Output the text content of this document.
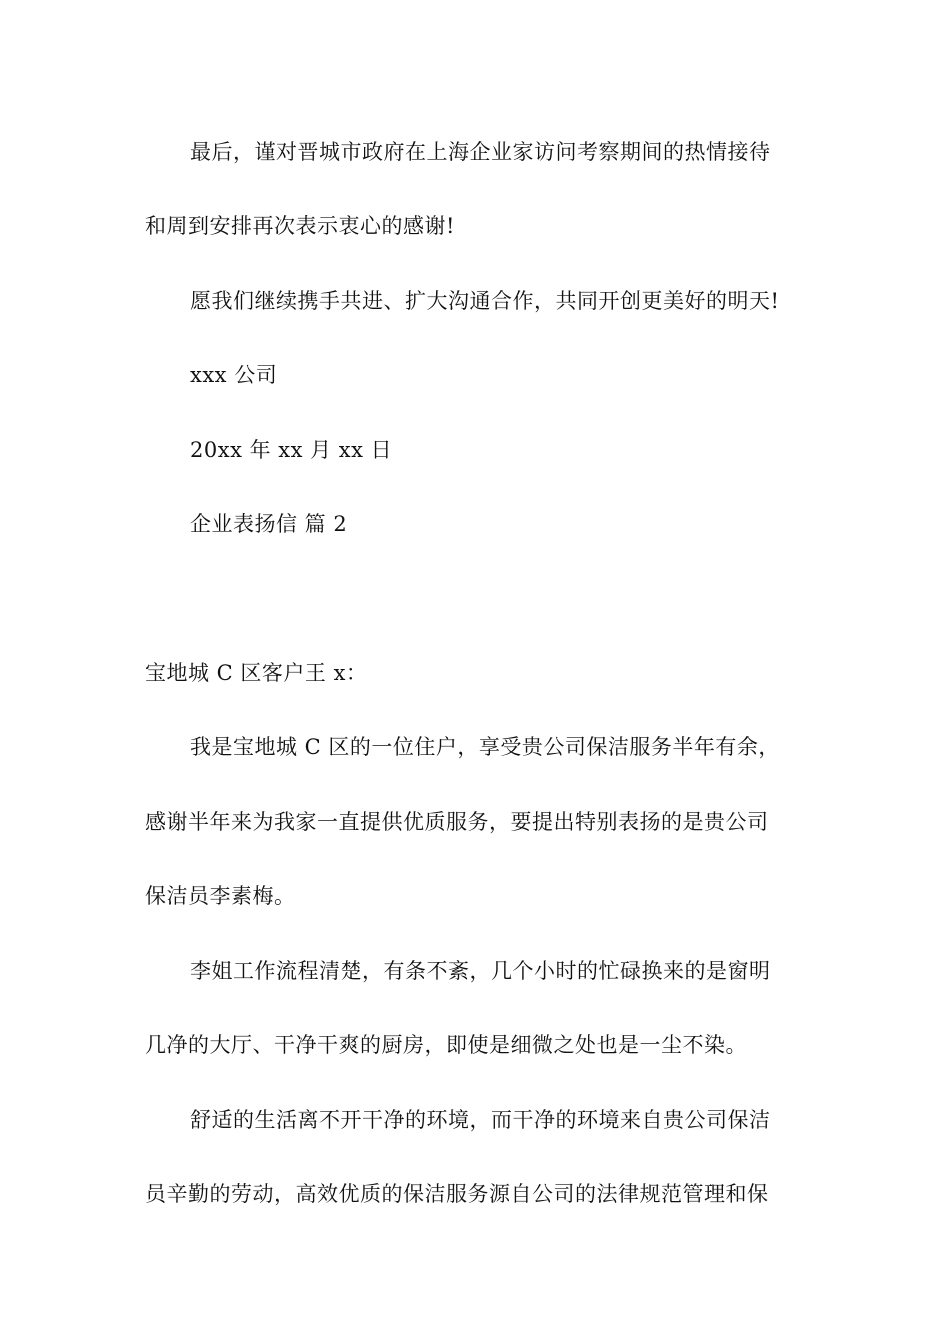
最后，谨对晋城市政府在上海企业家访问考察期间的热情接待
和周到安排再次表示衷心的感谢!
愿我们继续携手共进、扩大沟通合作，共同开创更美好的明天!
xxx 公司
20xx 年 xx 月 xx 日
企业表扬信 篇 2
宝地城 C 区客户王 x：
我是宝地城 C 区的一位住户，享受贵公司保洁服务半年有余，
感谢半年来为我家一直提供优质服务，要提出特别表扬的是贵公司
保洁员李素梅。
李姐工作流程清楚，有条不紊，几个小时的忙碌换来的是窗明
几净的大厅、干净干爽的厨房，即使是细微之处也是一尘不染。
舒适的生活离不开干净的环境，而干净的环境来自贵公司保洁
员辛勤的劳动，高效优质的保洁服务源自公司的法律规范管理和保
